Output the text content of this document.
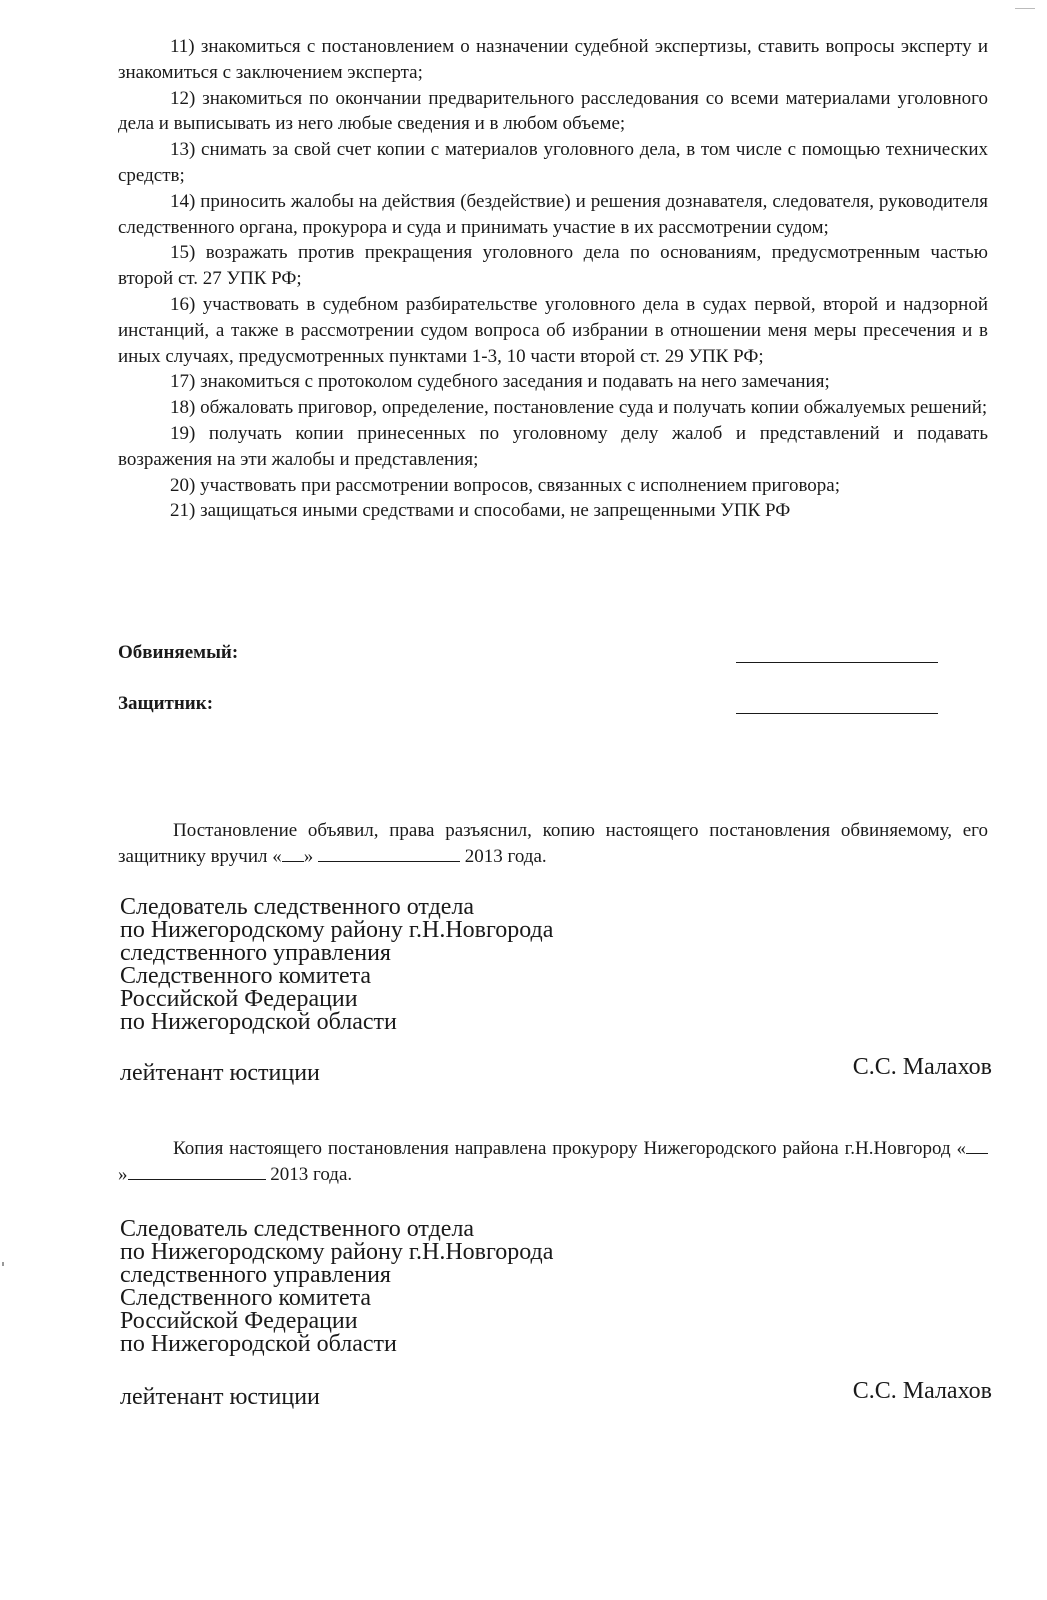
11) знакомиться с постановлением о назначении судебной экспертизы, ставить вопросы эксперту и знакомиться с заключением эксперта;

12) знакомиться по окончании предварительного расследования со всеми материалами уголовного дела и выписывать из него любые сведения и в любом объеме;

13) снимать за свой счет копии с материалов уголовного дела, в том числе с помощью технических средств;

14) приносить жалобы на действия (бездействие) и решения дознавателя, следователя, руководителя следственного органа, прокурора и суда и принимать участие в их рассмотрении судом;

15) возражать против прекращения уголовного дела по основаниям, предусмотренным частью второй ст. 27 УПК РФ;

16) участвовать в судебном разбирательстве уголовного дела в судах первой, второй и надзорной инстанций, а также в рассмотрении судом вопроса об избрании в отношении меня меры пресечения и в иных случаях, предусмотренных пунктами 1-3, 10 части второй ст. 29 УПК РФ;

17) знакомиться с протоколом судебного заседания и подавать на него замечания;

18) обжаловать приговор, определение, постановление суда и получать копии обжалуемых решений;

19) получать копии принесенных по уголовному делу жалоб и представлений и подавать возражения на эти жалобы и представления;

20) участвовать при рассмотрении вопросов, связанных с исполнением приговора;

21) защищаться иными средствами и способами, не запрещенными УПК РФ

Обвиняемый:
Защитник:

Постановление объявил, права разъяснил, копию настоящего постановления обвиняемому, его защитнику вручил « »	2013 года.

Следователь следственного отдела
по Нижегородскому району г.Н.Новгорода
следственного управления
Следственного комитета
Российской Федерации
по Нижегородской области
лейтенант юстиции	С.С. Малахов

Копия настоящего постановления направлена прокурору Нижегородского района г.Н.Новгород «»	2013 года.

Следователь следственного отдела
по Нижегородскому району г.Н.Новгорода
следственного управления
Следственного комитета
Российской Федерации
по Нижегородской области
лейтенант юстиции	С.С. Малахов
